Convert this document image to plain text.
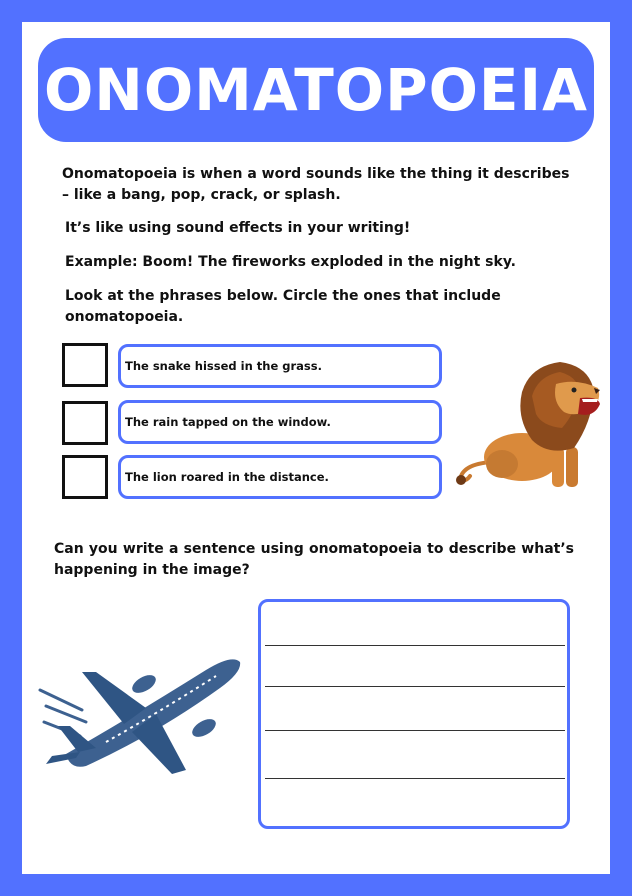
ONOMATOPOEIA

Onomatopoeia is when a word sounds like the thing it describes – like a bang, pop, crack, or splash.

It’s like using sound effects in your writing!

Example: Boom! The fireworks exploded in the night sky.

Look at the phrases below. Circle the ones that include onomatopoeia.

The snake hissed in the grass.
The rain tapped on the window.
The lion roared in the distance.

Can you write a sentence using onomatopoeia to describe what’s happening in the image?
